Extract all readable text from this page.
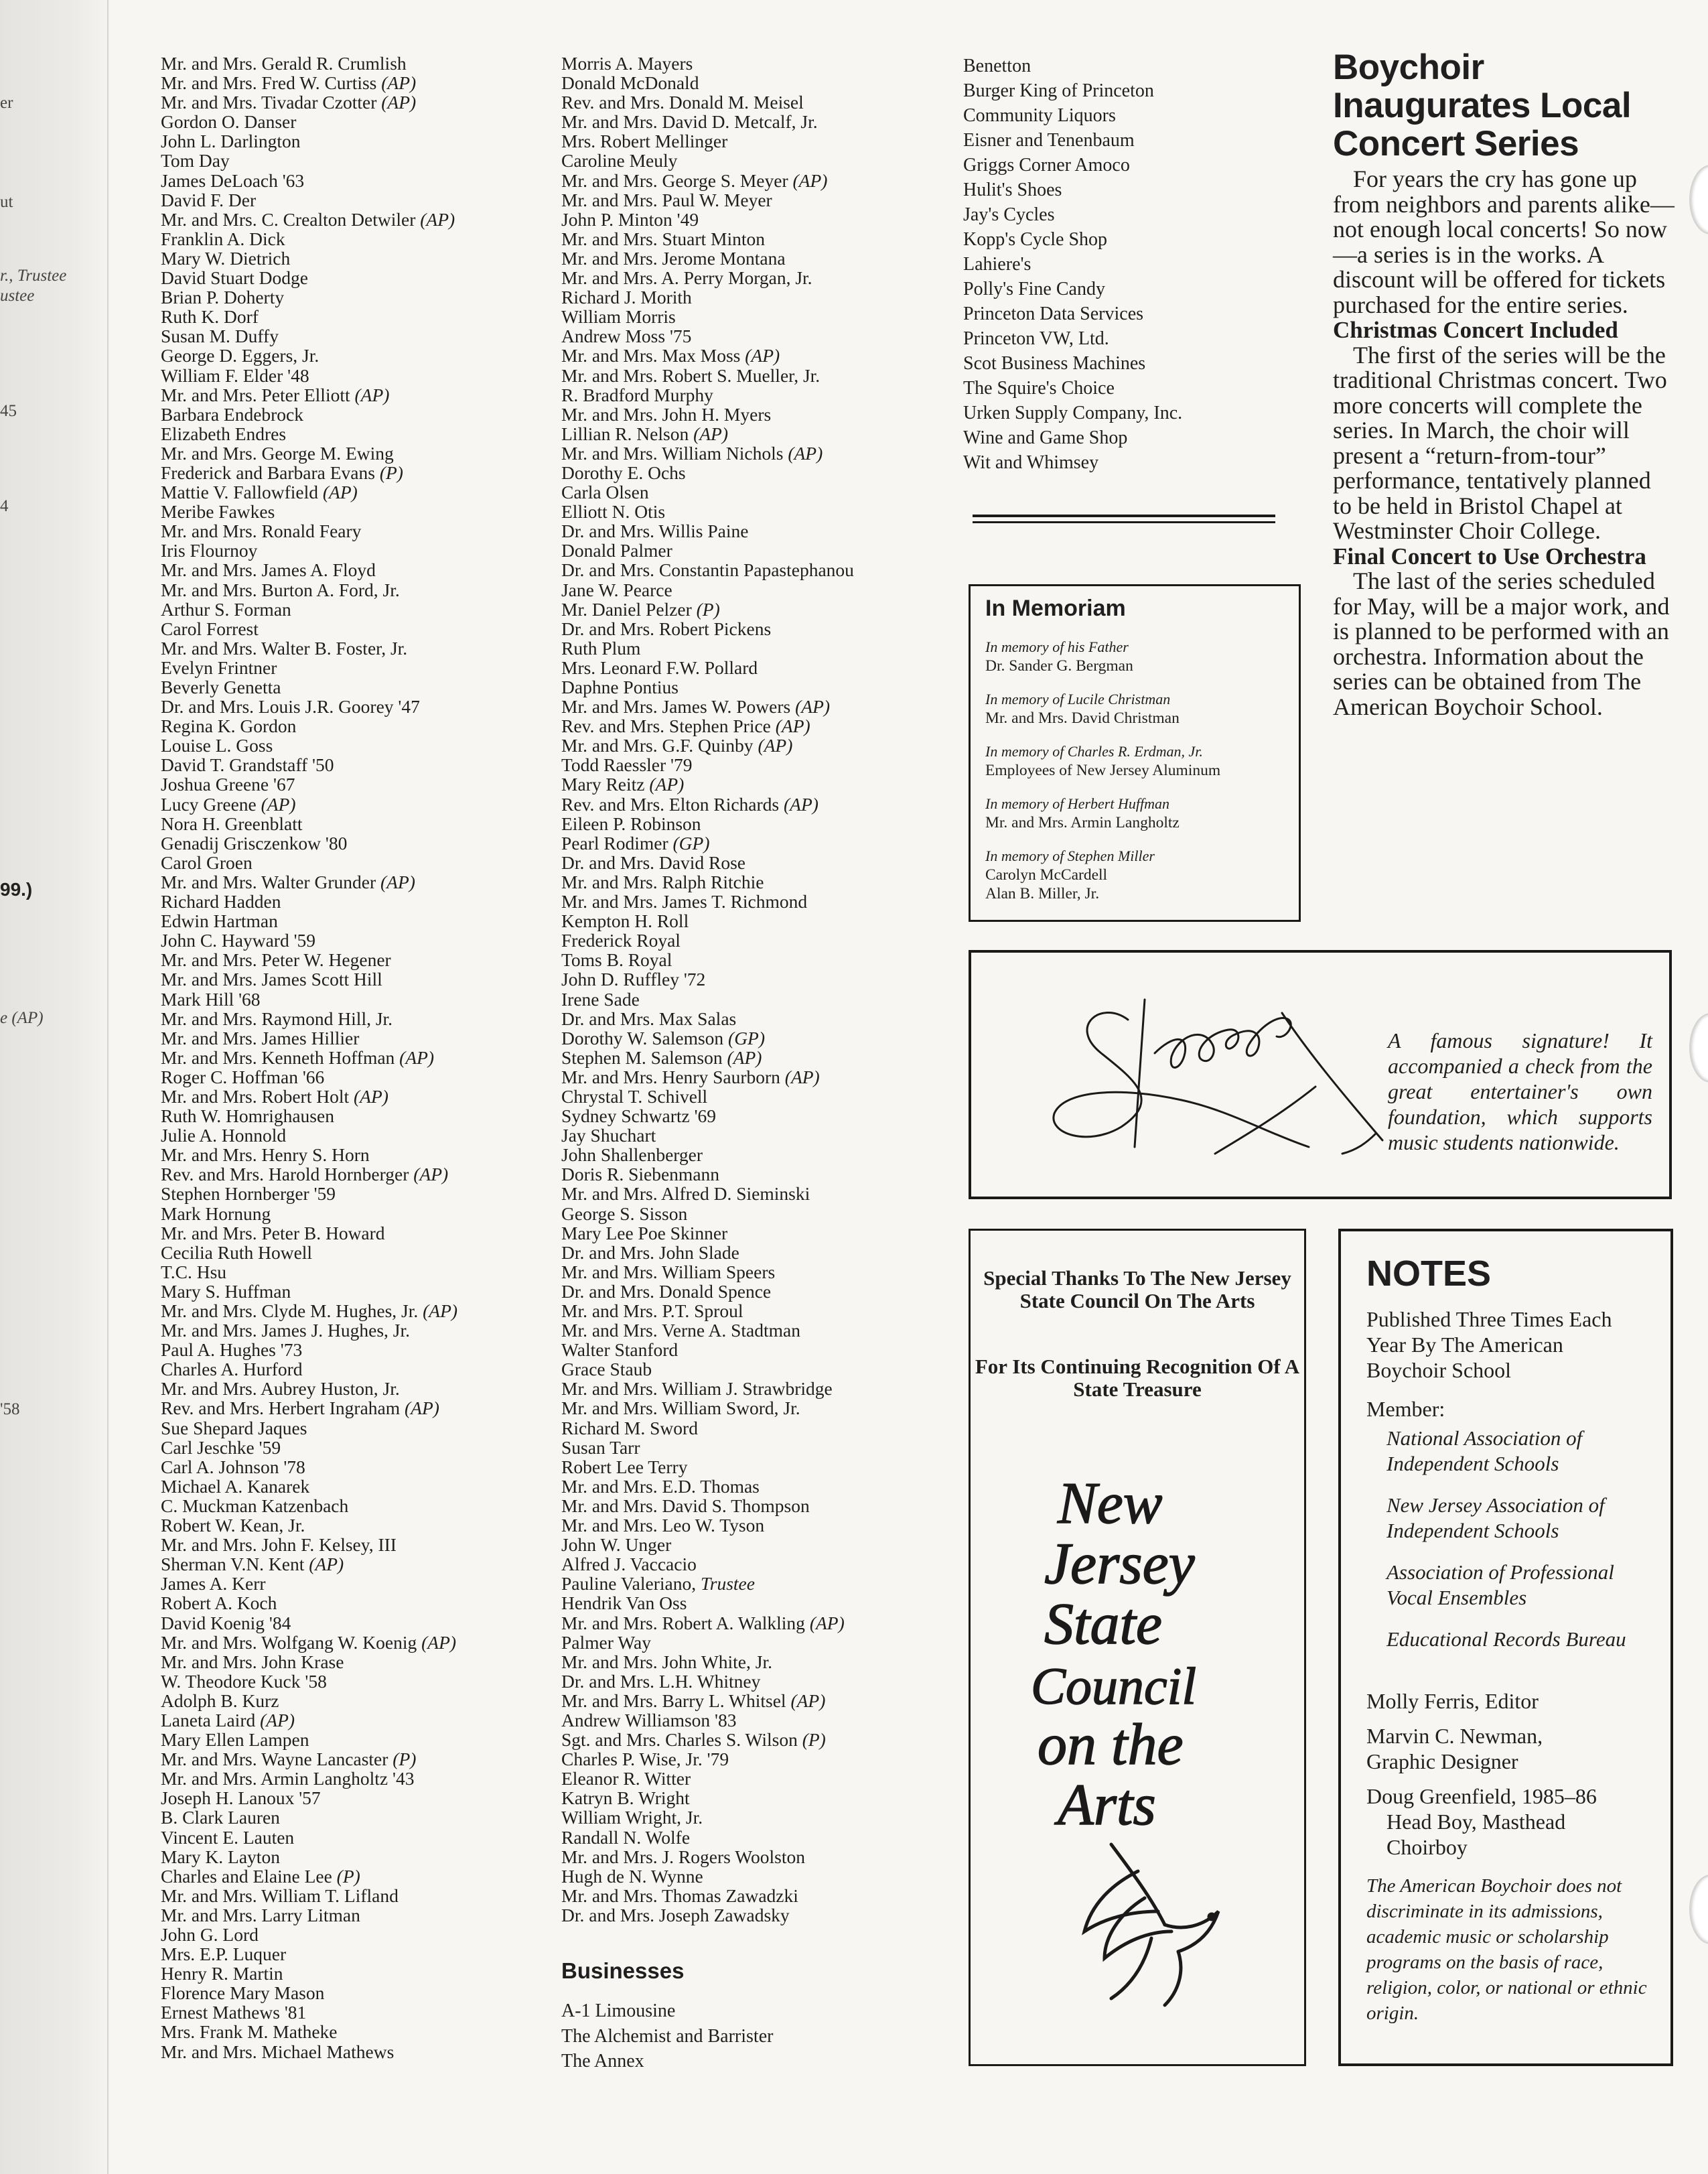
er
ut
r., Trustee
ustee
45
4
99.)
e (AP)
'58
Mr. and Mrs. Gerald R. Crumlish
Mr. and Mrs. Fred W. Curtiss (AP)
Mr. and Mrs. Tivadar Czotter (AP)
Gordon O. Danser
John L. Darlington
Tom Day
James DeLoach '63
David F. Der
Mr. and Mrs. C. Crealton Detwiler (AP)
Franklin A. Dick
Mary W. Dietrich
David Stuart Dodge
Brian P. Doherty
Ruth K. Dorf
Susan M. Duffy
George D. Eggers, Jr.
William F. Elder '48
Mr. and Mrs. Peter Elliott (AP)
Barbara Endebrock
Elizabeth Endres
Mr. and Mrs. George M. Ewing
Frederick and Barbara Evans (P)
Mattie V. Fallowfield (AP)
Meribe Fawkes
Mr. and Mrs. Ronald Feary
Iris Flournoy
Mr. and Mrs. James A. Floyd
Mr. and Mrs. Burton A. Ford, Jr.
Arthur S. Forman
Carol Forrest
Mr. and Mrs. Walter B. Foster, Jr.
Evelyn Frintner
Beverly Genetta
Dr. and Mrs. Louis J.R. Goorey '47
Regina K. Gordon
Louise L. Goss
David T. Grandstaff '50
Joshua Greene '67
Lucy Greene (AP)
Nora H. Greenblatt
Genadij Grisczenkow '80
Carol Groen
Mr. and Mrs. Walter Grunder (AP)
Richard Hadden
Edwin Hartman
John C. Hayward '59
Mr. and Mrs. Peter W. Hegener
Mr. and Mrs. James Scott Hill
Mark Hill '68
Mr. and Mrs. Raymond Hill, Jr.
Mr. and Mrs. James Hillier
Mr. and Mrs. Kenneth Hoffman (AP)
Roger C. Hoffman '66
Mr. and Mrs. Robert Holt (AP)
Ruth W. Homrighausen
Julie A. Honnold
Mr. and Mrs. Henry S. Horn
Rev. and Mrs. Harold Hornberger (AP)
Stephen Hornberger '59
Mark Hornung
Mr. and Mrs. Peter B. Howard
Cecilia Ruth Howell
T.C. Hsu
Mary S. Huffman
Mr. and Mrs. Clyde M. Hughes, Jr. (AP)
Mr. and Mrs. James J. Hughes, Jr.
Paul A. Hughes '73
Charles A. Hurford
Mr. and Mrs. Aubrey Huston, Jr.
Rev. and Mrs. Herbert Ingraham (AP)
Sue Shepard Jaques
Carl Jeschke '59
Carl A. Johnson '78
Michael A. Kanarek
C. Muckman Katzenbach
Robert W. Kean, Jr.
Mr. and Mrs. John F. Kelsey, III
Sherman V.N. Kent (AP)
James A. Kerr
Robert A. Koch
David Koenig '84
Mr. and Mrs. Wolfgang W. Koenig (AP)
Mr. and Mrs. John Krase
W. Theodore Kuck '58
Adolph B. Kurz
Laneta Laird (AP)
Mary Ellen Lampen
Mr. and Mrs. Wayne Lancaster (P)
Mr. and Mrs. Armin Langholtz '43
Joseph H. Lanoux '57
B. Clark Lauren
Vincent E. Lauten
Mary K. Layton
Charles and Elaine Lee (P)
Mr. and Mrs. William T. Lifland
Mr. and Mrs. Larry Litman
John G. Lord
Mrs. E.P. Luquer
Henry R. Martin
Florence Mary Mason
Ernest Mathews '81
Mrs. Frank M. Matheke
Mr. and Mrs. Michael Mathews
Morris A. Mayers
Donald McDonald
Rev. and Mrs. Donald M. Meisel
Mr. and Mrs. David D. Metcalf, Jr.
Mrs. Robert Mellinger
Caroline Meuly
Mr. and Mrs. George S. Meyer (AP)
Mr. and Mrs. Paul W. Meyer
John P. Minton '49
Mr. and Mrs. Stuart Minton
Mr. and Mrs. Jerome Montana
Mr. and Mrs. A. Perry Morgan, Jr.
Richard J. Morith
William Morris
Andrew Moss '75
Mr. and Mrs. Max Moss (AP)
Mr. and Mrs. Robert S. Mueller, Jr.
R. Bradford Murphy
Mr. and Mrs. John H. Myers
Lillian R. Nelson (AP)
Mr. and Mrs. William Nichols (AP)
Dorothy E. Ochs
Carla Olsen
Elliott N. Otis
Dr. and Mrs. Willis Paine
Donald Palmer
Dr. and Mrs. Constantin Papastephanou
Jane W. Pearce
Mr. Daniel Pelzer (P)
Dr. and Mrs. Robert Pickens
Ruth Plum
Mrs. Leonard F.W. Pollard
Daphne Pontius
Mr. and Mrs. James W. Powers (AP)
Rev. and Mrs. Stephen Price (AP)
Mr. and Mrs. G.F. Quinby (AP)
Todd Raessler '79
Mary Reitz (AP)
Rev. and Mrs. Elton Richards (AP)
Eileen P. Robinson
Pearl Rodimer (GP)
Dr. and Mrs. David Rose
Mr. and Mrs. Ralph Ritchie
Mr. and Mrs. James T. Richmond
Kempton H. Roll
Frederick Royal
Toms B. Royal
John D. Ruffley '72
Irene Sade
Dr. and Mrs. Max Salas
Dorothy W. Salemson (GP)
Stephen M. Salemson (AP)
Mr. and Mrs. Henry Saurborn (AP)
Chrystal T. Schivell
Sydney Schwartz '69
Jay Shuchart
John Shallenberger
Doris R. Siebenmann
Mr. and Mrs. Alfred D. Sieminski
George S. Sisson
Mary Lee Poe Skinner
Dr. and Mrs. John Slade
Mr. and Mrs. William Speers
Dr. and Mrs. Donald Spence
Mr. and Mrs. P.T. Sproul
Mr. and Mrs. Verne A. Stadtman
Walter Stanford
Grace Staub
Mr. and Mrs. William J. Strawbridge
Mr. and Mrs. William Sword, Jr.
Richard M. Sword
Susan Tarr
Robert Lee Terry
Mr. and Mrs. E.D. Thomas
Mr. and Mrs. David S. Thompson
Mr. and Mrs. Leo W. Tyson
John W. Unger
Alfred J. Vaccacio
Pauline Valeriano, Trustee
Hendrik Van Oss
Mr. and Mrs. Robert A. Walkling (AP)
Palmer Way
Mr. and Mrs. John White, Jr.
Dr. and Mrs. L.H. Whitney
Mr. and Mrs. Barry L. Whitsel (AP)
Andrew Williamson '83
Sgt. and Mrs. Charles S. Wilson (P)
Charles P. Wise, Jr. '79
Eleanor R. Witter
Katryn B. Wright
William Wright, Jr.
Randall N. Wolfe
Mr. and Mrs. J. Rogers Woolston
Hugh de N. Wynne
Mr. and Mrs. Thomas Zawadzki
Dr. and Mrs. Joseph Zawadsky
Businesses
A-1 Limousine
The Alchemist and Barrister
The Annex
Benetton
Burger King of Princeton
Community Liquors
Eisner and Tenenbaum
Griggs Corner Amoco
Hulit's Shoes
Jay's Cycles
Kopp's Cycle Shop
Lahiere's
Polly's Fine Candy
Princeton Data Services
Princeton VW, Ltd.
Scot Business Machines
The Squire's Choice
Urken Supply Company, Inc.
Wine and Game Shop
Wit and Whimsey
In Memoriam
In memory of his Father
Dr. Sander G. Bergman
In memory of Lucile Christman
Mr. and Mrs. David Christman
In memory of Charles R. Erdman, Jr.
Employees of New Jersey Aluminum
In memory of Herbert Huffman
Mr. and Mrs. Armin Langholtz
In memory of Stephen Miller
Carolyn McCardell
Alan B. Miller, Jr.
Boychoir Inaugurates Local Concert Series

For years the cry has gone up from neighbors and parents alike—not enough local concerts! So now—a series is in the works. A discount will be offered for tickets purchased for the entire series.

Christmas Concert Included

The first of the series will be the traditional Christmas concert. Two more concerts will complete the series. In March, the choir will present a “return-from-tour” performance, tentatively planned to be held in Bristol Chapel at Westminster Choir College.

Final Concert to Use Orchestra

The last of the series scheduled for May, will be a major work, and is planned to be performed with an orchestra. Information about the series can be obtained from The American Boychoir School.

A famous signature! It accompanied a check from the great entertainer's own foundation, which supports music students nationwide.
Special Thanks To The New Jersey State Council On The Arts
For Its Continuing Recognition Of A State Treasure
New
Jersey
State
Council
on the
Arts
NOTES
Published Three Times Each Year By The American Boychoir School
Member:
National Association of Independent Schools
New Jersey Association of Independent Schools
Association of Professional Vocal Ensembles
Educational Records Bureau
Molly Ferris, Editor
Marvin C. Newman,
Graphic Designer
Doug Greenfield, 1985–86
Head Boy, Masthead
Choirboy
The American Boychoir does not discriminate in its admissions, academic music or scholarship programs on the basis of race, religion, color, or national or ethnic origin.
